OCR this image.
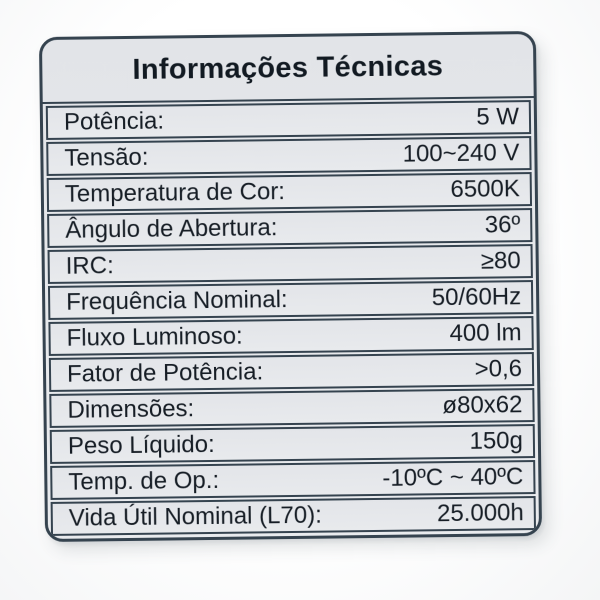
Informações Técnicas
Potência:	5 W
Tensão:	100~240 V
Temperatura de Cor:	6500K
Ângulo de Abertura:	36º
IRC:	≥80
Frequência Nominal:	50/60Hz
Fluxo Luminoso:	400 lm
Fator de Potência:	>0,6
Dimensões:	ø80x62
Peso Líquido:	150g
Temp. de Op.:	-10ºC ~ 40ºC
Vida Útil Nominal (L70):	25.000h
